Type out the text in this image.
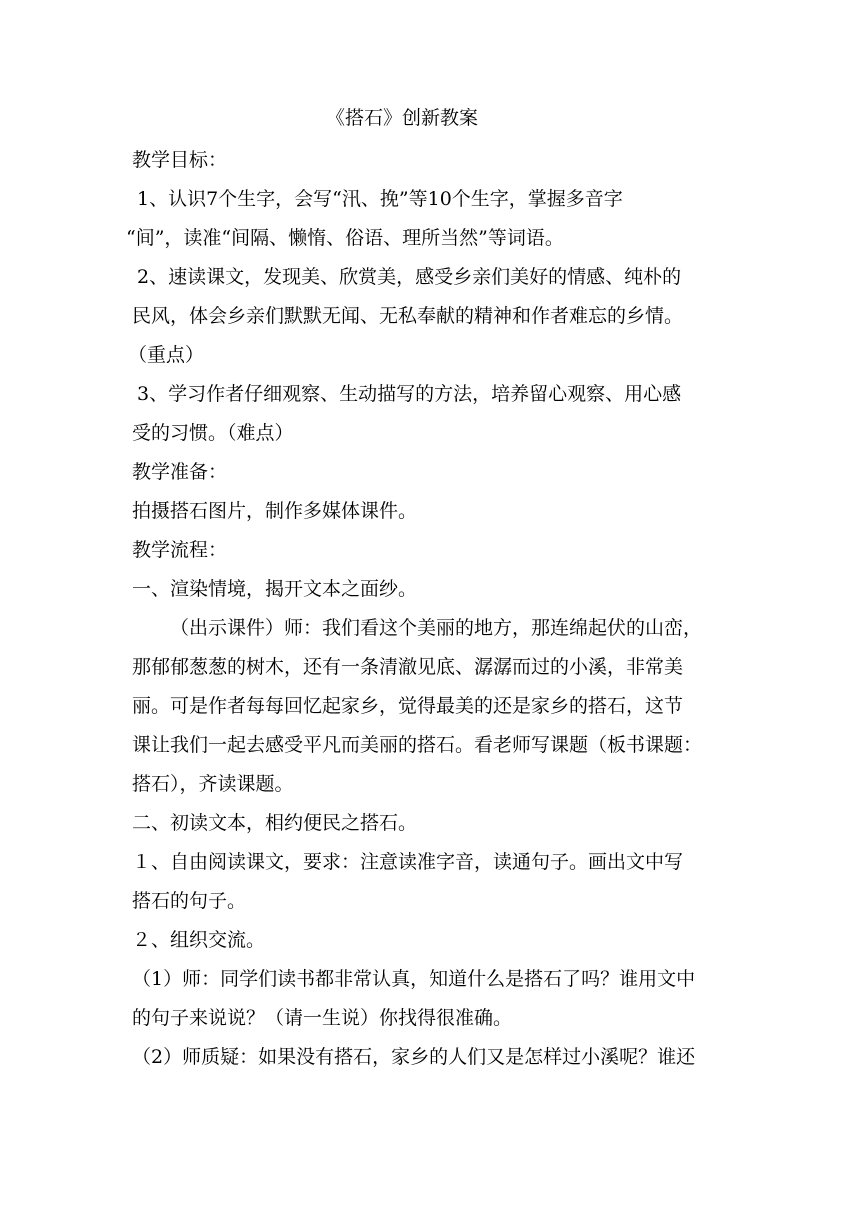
《搭石》创新教案

教学目标：

1、认识7个生字，会写“汛、挽”等10个生字，掌握多音字

“间”，读准“间隔、懒惰、俗语、理所当然”等词语。

2、速读课文，发现美、欣赏美，感受乡亲们美好的情感、纯朴的

民风，体会乡亲们默默无闻、无私奉献的精神和作者难忘的乡情。

（重点）

3、学习作者仔细观察、生动描写的方法，培养留心观察、用心感

受的习惯。（难点）

教学准备：

拍摄搭石图片，制作多媒体课件。

教学流程：

一、渲染情境，揭开文本之面纱。

（出示课件）师：我们看这个美丽的地方，那连绵起伏的山峦，

那郁郁葱葱的树木，还有一条清澈见底、潺潺而过的小溪，非常美

丽。可是作者每每回忆起家乡，觉得最美的还是家乡的搭石，这节

课让我们一起去感受平凡而美丽的搭石。看老师写课题（板书课题：

搭石），齐读课题。

二、初读文本，相约便民之搭石。

１、自由阅读课文，要求：注意读准字音，读通句子。画出文中写

搭石的句子。

２、组织交流。

（1）师：同学们读书都非常认真，知道什么是搭石了吗？谁用文中

的句子来说说？（请一生说）你找得很准确。

（2）师质疑：如果没有搭石，家乡的人们又是怎样过小溪呢？谁还
